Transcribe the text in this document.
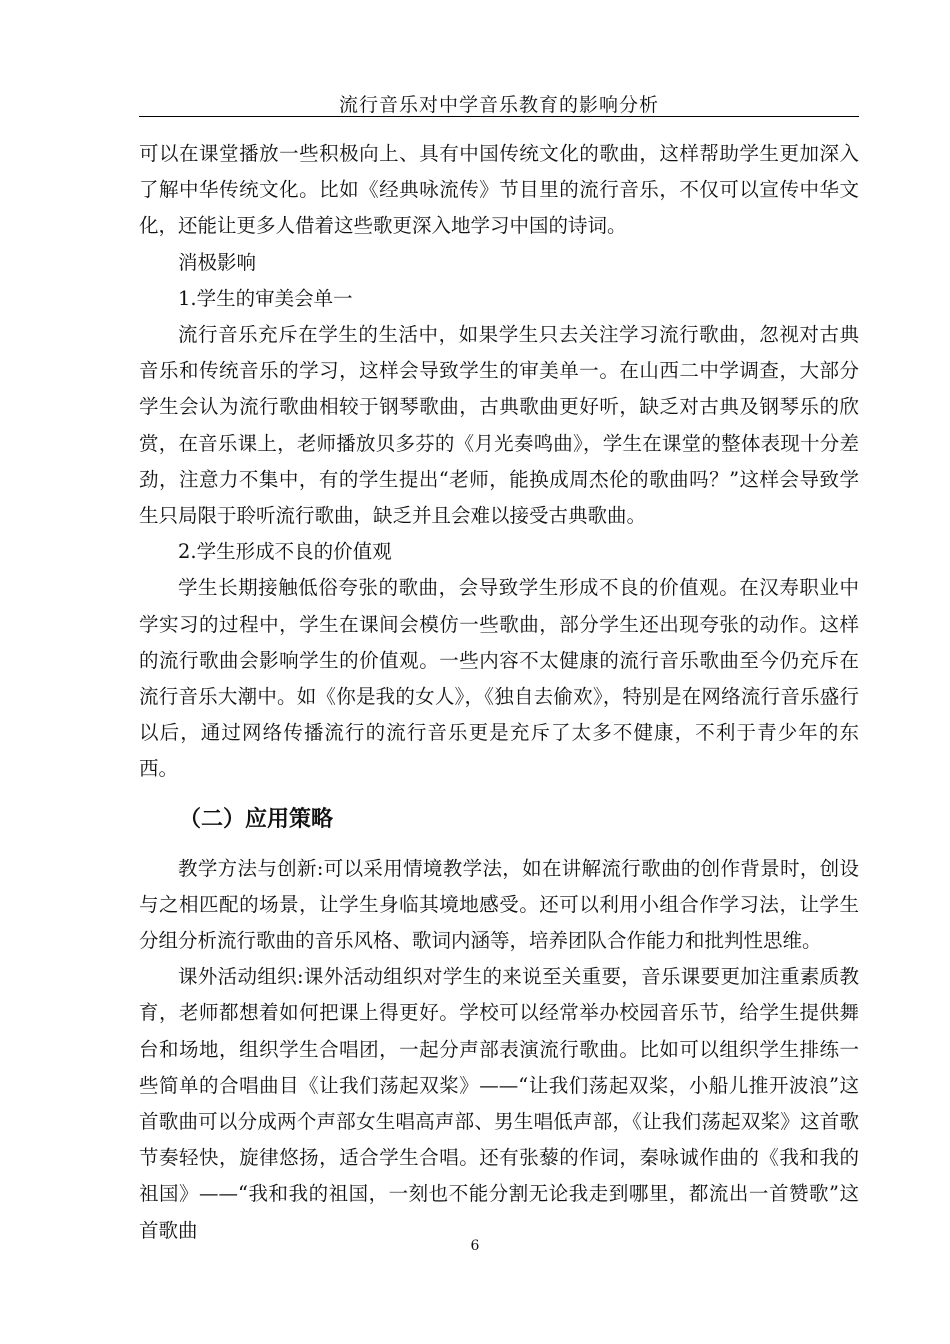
流行音乐对中学音乐教育的影响分析

可以在课堂播放一些积极向上、具有中国传统文化的歌曲，这样帮助学生更加深入了解中华传统文化。比如《经典咏流传》节目里的流行音乐，不仅可以宣传中华文化，还能让更多人借着这些歌更深入地学习中国的诗词。

消极影响

1.学生的审美会单一

流行音乐充斥在学生的生活中，如果学生只去关注学习流行歌曲，忽视对古典音乐和传统音乐的学习，这样会导致学生的审美单一。在山西二中学调查，大部分学生会认为流行歌曲相较于钢琴歌曲，古典歌曲更好听，缺乏对古典及钢琴乐的欣赏，在音乐课上，老师播放贝多芬的《月光奏鸣曲》，学生在课堂的整体表现十分差劲，注意力不集中，有的学生提出“老师，能换成周杰伦的歌曲吗？”这样会导致学生只局限于聆听流行歌曲，缺乏并且会难以接受古典歌曲。

2.学生形成不良的价值观

学生长期接触低俗夸张的歌曲，会导致学生形成不良的价值观。在汉寿职业中学实习的过程中，学生在课间会模仿一些歌曲，部分学生还出现夸张的动作。这样的流行歌曲会影响学生的价值观。一些内容不太健康的流行音乐歌曲至今仍充斥在流行音乐大潮中。如《你是我的女人》，《独自去偷欢》，特别是在网络流行音乐盛行以后，通过网络传播流行的流行音乐更是充斥了太多不健康，不利于青少年的东西。

（二）应用策略

教学方法与创新:可以采用情境教学法，如在讲解流行歌曲的创作背景时，创设与之相匹配的场景，让学生身临其境地感受。还可以利用小组合作学习法，让学生分组分析流行歌曲的音乐风格、歌词内涵等，培养团队合作能力和批判性思维。

课外活动组织:课外活动组织对学生的来说至关重要，音乐课要更加注重素质教育，老师都想着如何把课上得更好。学校可以经常举办校园音乐节，给学生提供舞台和场地，组织学生合唱团，一起分声部表演流行歌曲。比如可以组织学生排练一些简单的合唱曲目《让我们荡起双桨》——“让我们荡起双桨，小船儿推开波浪”这首歌曲可以分成两个声部女生唱高声部、男生唱低声部，《让我们荡起双桨》这首歌节奏轻快，旋律悠扬，适合学生合唱。还有张藜的作词，秦咏诚作曲的《我和我的祖国》——“我和我的祖国，一刻也不能分割无论我走到哪里，都流出一首赞歌”这首歌曲

6
